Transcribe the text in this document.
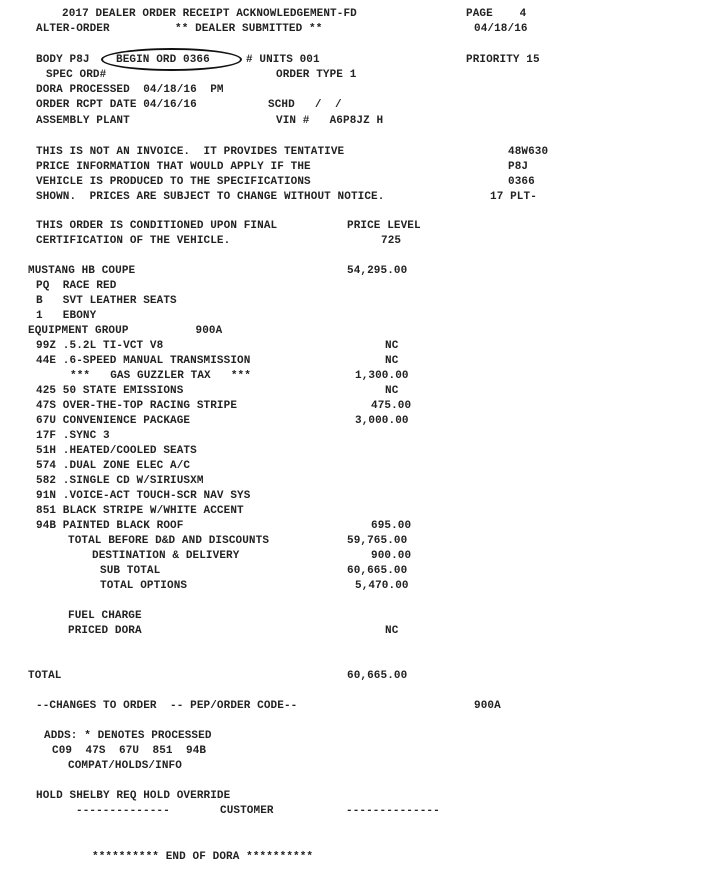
2017 DEALER ORDER RECEIPT ACKNOWLEDGEMENT-FD	PAGE    4
ALTER-ORDER	** DEALER SUBMITTED **	04/18/16
BODY P8J BEGIN ORD 0366	# UNITS 001	PRIORITY 15
SPEC ORD#	ORDER TYPE 1
DORA PROCESSED  04/18/16  PM
ORDER RCPT DATE 04/16/16	SCHD   /  /
ASSEMBLY PLANT	VIN #   A6P8JZ H
THIS IS NOT AN INVOICE.  IT PROVIDES TENTATIVE	48W630
PRICE INFORMATION THAT WOULD APPLY IF THE	P8J
VEHICLE IS PRODUCED TO THE SPECIFICATIONS	0366
SHOWN.  PRICES ARE SUBJECT TO CHANGE WITHOUT NOTICE.	17 PLT-
THIS ORDER IS CONDITIONED UPON FINAL	PRICE LEVEL
CERTIFICATION OF THE VEHICLE.	725
MUSTANG HB COUPE	54,295.00
PQ  RACE RED
B   SVT LEATHER SEATS
1   EBONY
EQUIPMENT GROUP          900A
99Z .5.2L TI-VCT V8	NC
44E .6-SPEED MANUAL TRANSMISSION	NC
***   GAS GUZZLER TAX   ***	1,300.00
425 50 STATE EMISSIONS	NC
47S OVER-THE-TOP RACING STRIPE	475.00
67U CONVENIENCE PACKAGE	3,000.00
17F .SYNC 3
51H .HEATED/COOLED SEATS
574 .DUAL ZONE ELEC A/C
582 .SINGLE CD W/SIRIUSXM
91N .VOICE-ACT TOUCH-SCR NAV SYS
851 BLACK STRIPE W/WHITE ACCENT
94B PAINTED BLACK ROOF	695.00
TOTAL BEFORE D&D AND DISCOUNTS	59,765.00
DESTINATION & DELIVERY	900.00
SUB TOTAL	60,665.00
TOTAL OPTIONS	5,470.00
FUEL CHARGE
PRICED DORA	NC
TOTAL	60,665.00
--CHANGES TO ORDER  -- PEP/ORDER CODE--	900A
ADDS: * DENOTES PROCESSED
C09  47S  67U  851  94B
COMPAT/HOLDS/INFO
HOLD SHELBY REQ HOLD OVERRIDE
--------------	CUSTOMER	--------------
********** END OF DORA **********
